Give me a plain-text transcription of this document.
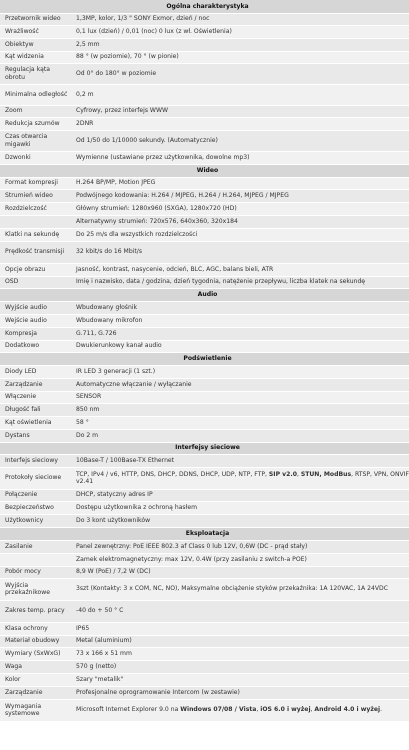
Ogólna charakterystyka	
Przetwornik wideo	1,3MP, kolor, 1/3 " SONY Exmor, dzień / noc
Wrażliwość	0,1 lux (dzień) / 0,01 (noc) 0 lux (z wł. Oświetlenia)
Obiektyw	2,5 mm
Kąt widzenia	88 ° (w poziomie), 70 ° (w pionie)
Regulacja kąta obrotu	Od 0° do 180° w poziomie
Minimalna odległość	0,2 m
Zoom	Cyfrowy, przez interfejs WWW
Redukcja szumów	2DNR
Czas otwarcia migawki	Od 1/50 do 1/10000 sekundy. (Automatycznie)
Dzwonki	Wymienne (ustawiane przez użytkownika, dowolne mp3)
Wideo	
Format kompresji	H.264 BP/MP, Motion JPEG
Strumień wideo	Podwójnego kodowania: H.264 / MJPEG, H.264 / H.264, MJPEG / MJPEG
Rozdzielczość	Główny strumień: 1280x960 (SXGA), 1280x720 (HD)
	Alternatywny strumień: 720x576, 640x360, 320x184
Klatki na sekundę	Do 25 m/s dla wszystkich rozdzielczości
Prędkość transmisji	32 kbit/s do 16 Mbit/s
Opcje obrazu	Jasność, kontrast, nasycenie, odcień, BLC, AGC, balans bieli, ATR
OSD	Imię i nazwisko, data / godzina, dzień tygodnia, natężenie przepływu, liczba klatek na sekundę
Audio	
Wyjście audio	Wbudowany głośnik
Wejście audio	Wbudowany mikrofon
Kompresja	G.711, G.726
Dodatkowo	Dwukierunkowy kanał audio
Podświetlenie	
Diody LED	IR LED 3 generacji (1 szt.)
Zarządzanie	Automatyczne włączanie / wyłączanie
Włączenie	SENSOR
Długość fali	850 nm
Kąt oświetlenia	58 °
Dystans	Do 2 m
Interfejsy sieciowe	
Interfejs sieciowy	10Base-T / 100Base-TX Ethernet
Protokoły sieciowe	TCP, IPv4 / v6, HTTP, DNS, DHCP, DDNS, DHCP, UDP, NTP, FTP, SIP v2.0, STUN, ModBus, RTSP, VPN, ONVIF v2.41
Połączenie	DHCP, statyczny adres IP
Bezpieczeństwo	Dostępu użytkownika z ochroną hasłem
Użytkownicy	Do 3 kont użytkowników
Eksploatacja	
Zasilanie	Panel zewnętrzny: PoE IEEE 802.3 af Class 0 lub 12V, 0,6W (DC - prąd stały)
	Zamek elektromagnetyczny: max 12V, 0.4W (przy zasilaniu z switch-a POE)
Pobór mocy	8,9 W (PoE) / 7,2 W (DC)
Wyjścia przekaźnikowe	3szt (Kontakty: 3 x COM, NC, NO), Maksymalne obciążenie styków przekaźnika: 1A 120VAC, 1A 24VDC
Zakres temp. pracy	-40 do + 50 ° C
Klasa ochrony	IP65
Materiał obudowy	Metal (aluminium)
Wymiary (SxWxG)	73 x 166 x 51 mm
Waga	570 g (netto)
Kolor	Szary "metalik"
Zarządzanie	Profesjonalne oprogramowanie Intercom (w zestawie)
Wymagania systemowe	Microsoft Internet Explorer 9.0 na Windows 07/08 / Vista, iOS 6.0 i wyżej, Android 4.0 i wyżej.
